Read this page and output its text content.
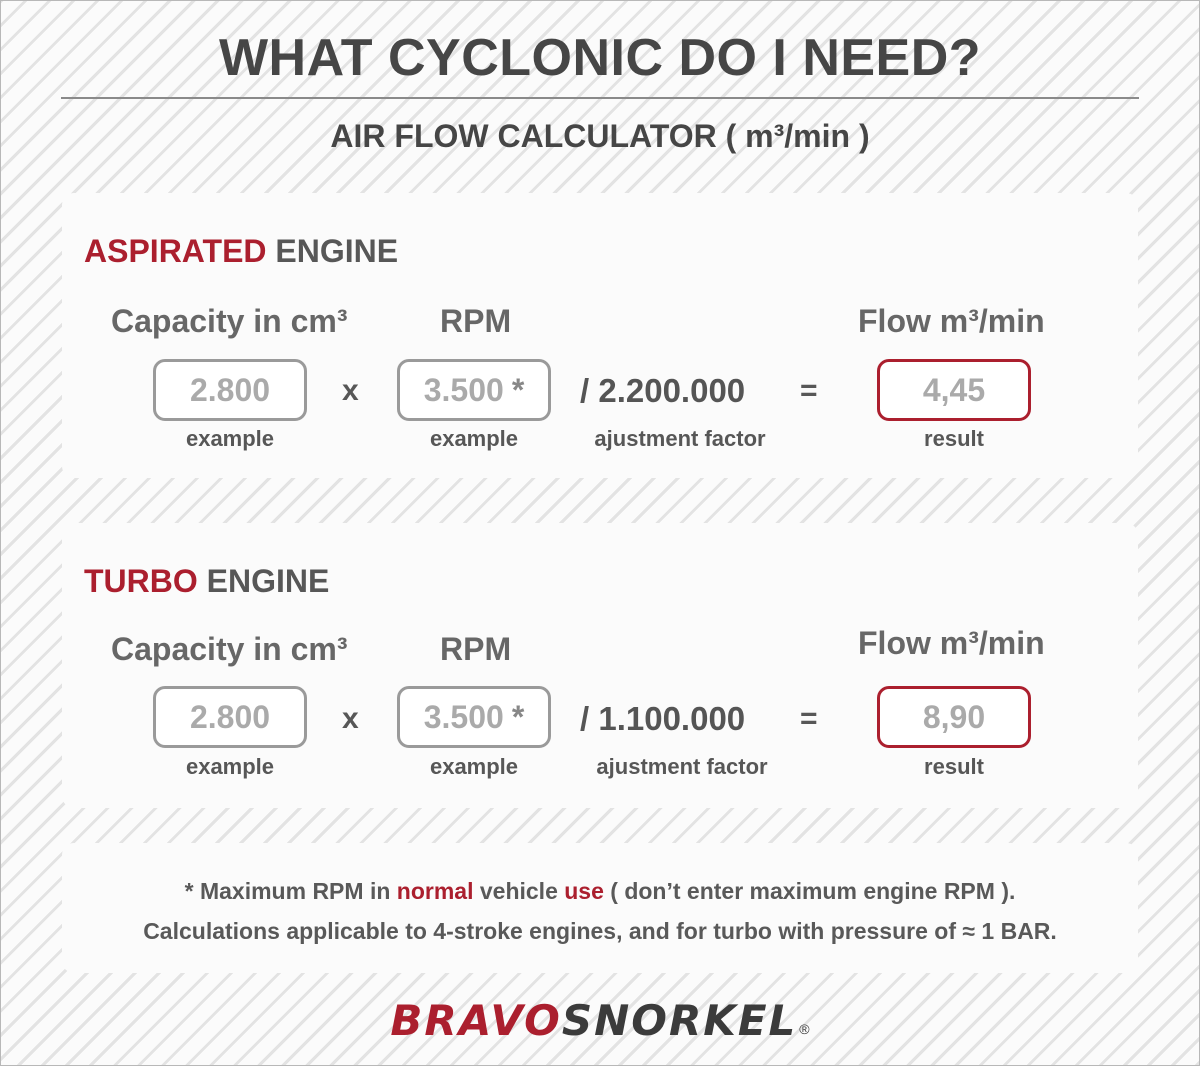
WHAT CYCLONIC DO I NEED?
AIR FLOW CALCULATOR ( m³/min )
ASPIRATED ENGINE
Capacity in cm³	RPM	Flow m³/min
2.800	x	3.500 *	/ 2.200.000 =	4,45
example	example	ajustment factor	result
TURBO ENGINE
Capacity in cm³	RPM	Flow m³/min
2.800	x	3.500 *	/ 1.100.000 =	8,90
example	example	ajustment factor	result
* Maximum RPM in normal vehicle use ( don’t enter maximum engine RPM ).
Calculations applicable to 4-stroke engines, and for turbo with pressure of ≈ 1 BAR.
BRAVOSNORKEL ®
